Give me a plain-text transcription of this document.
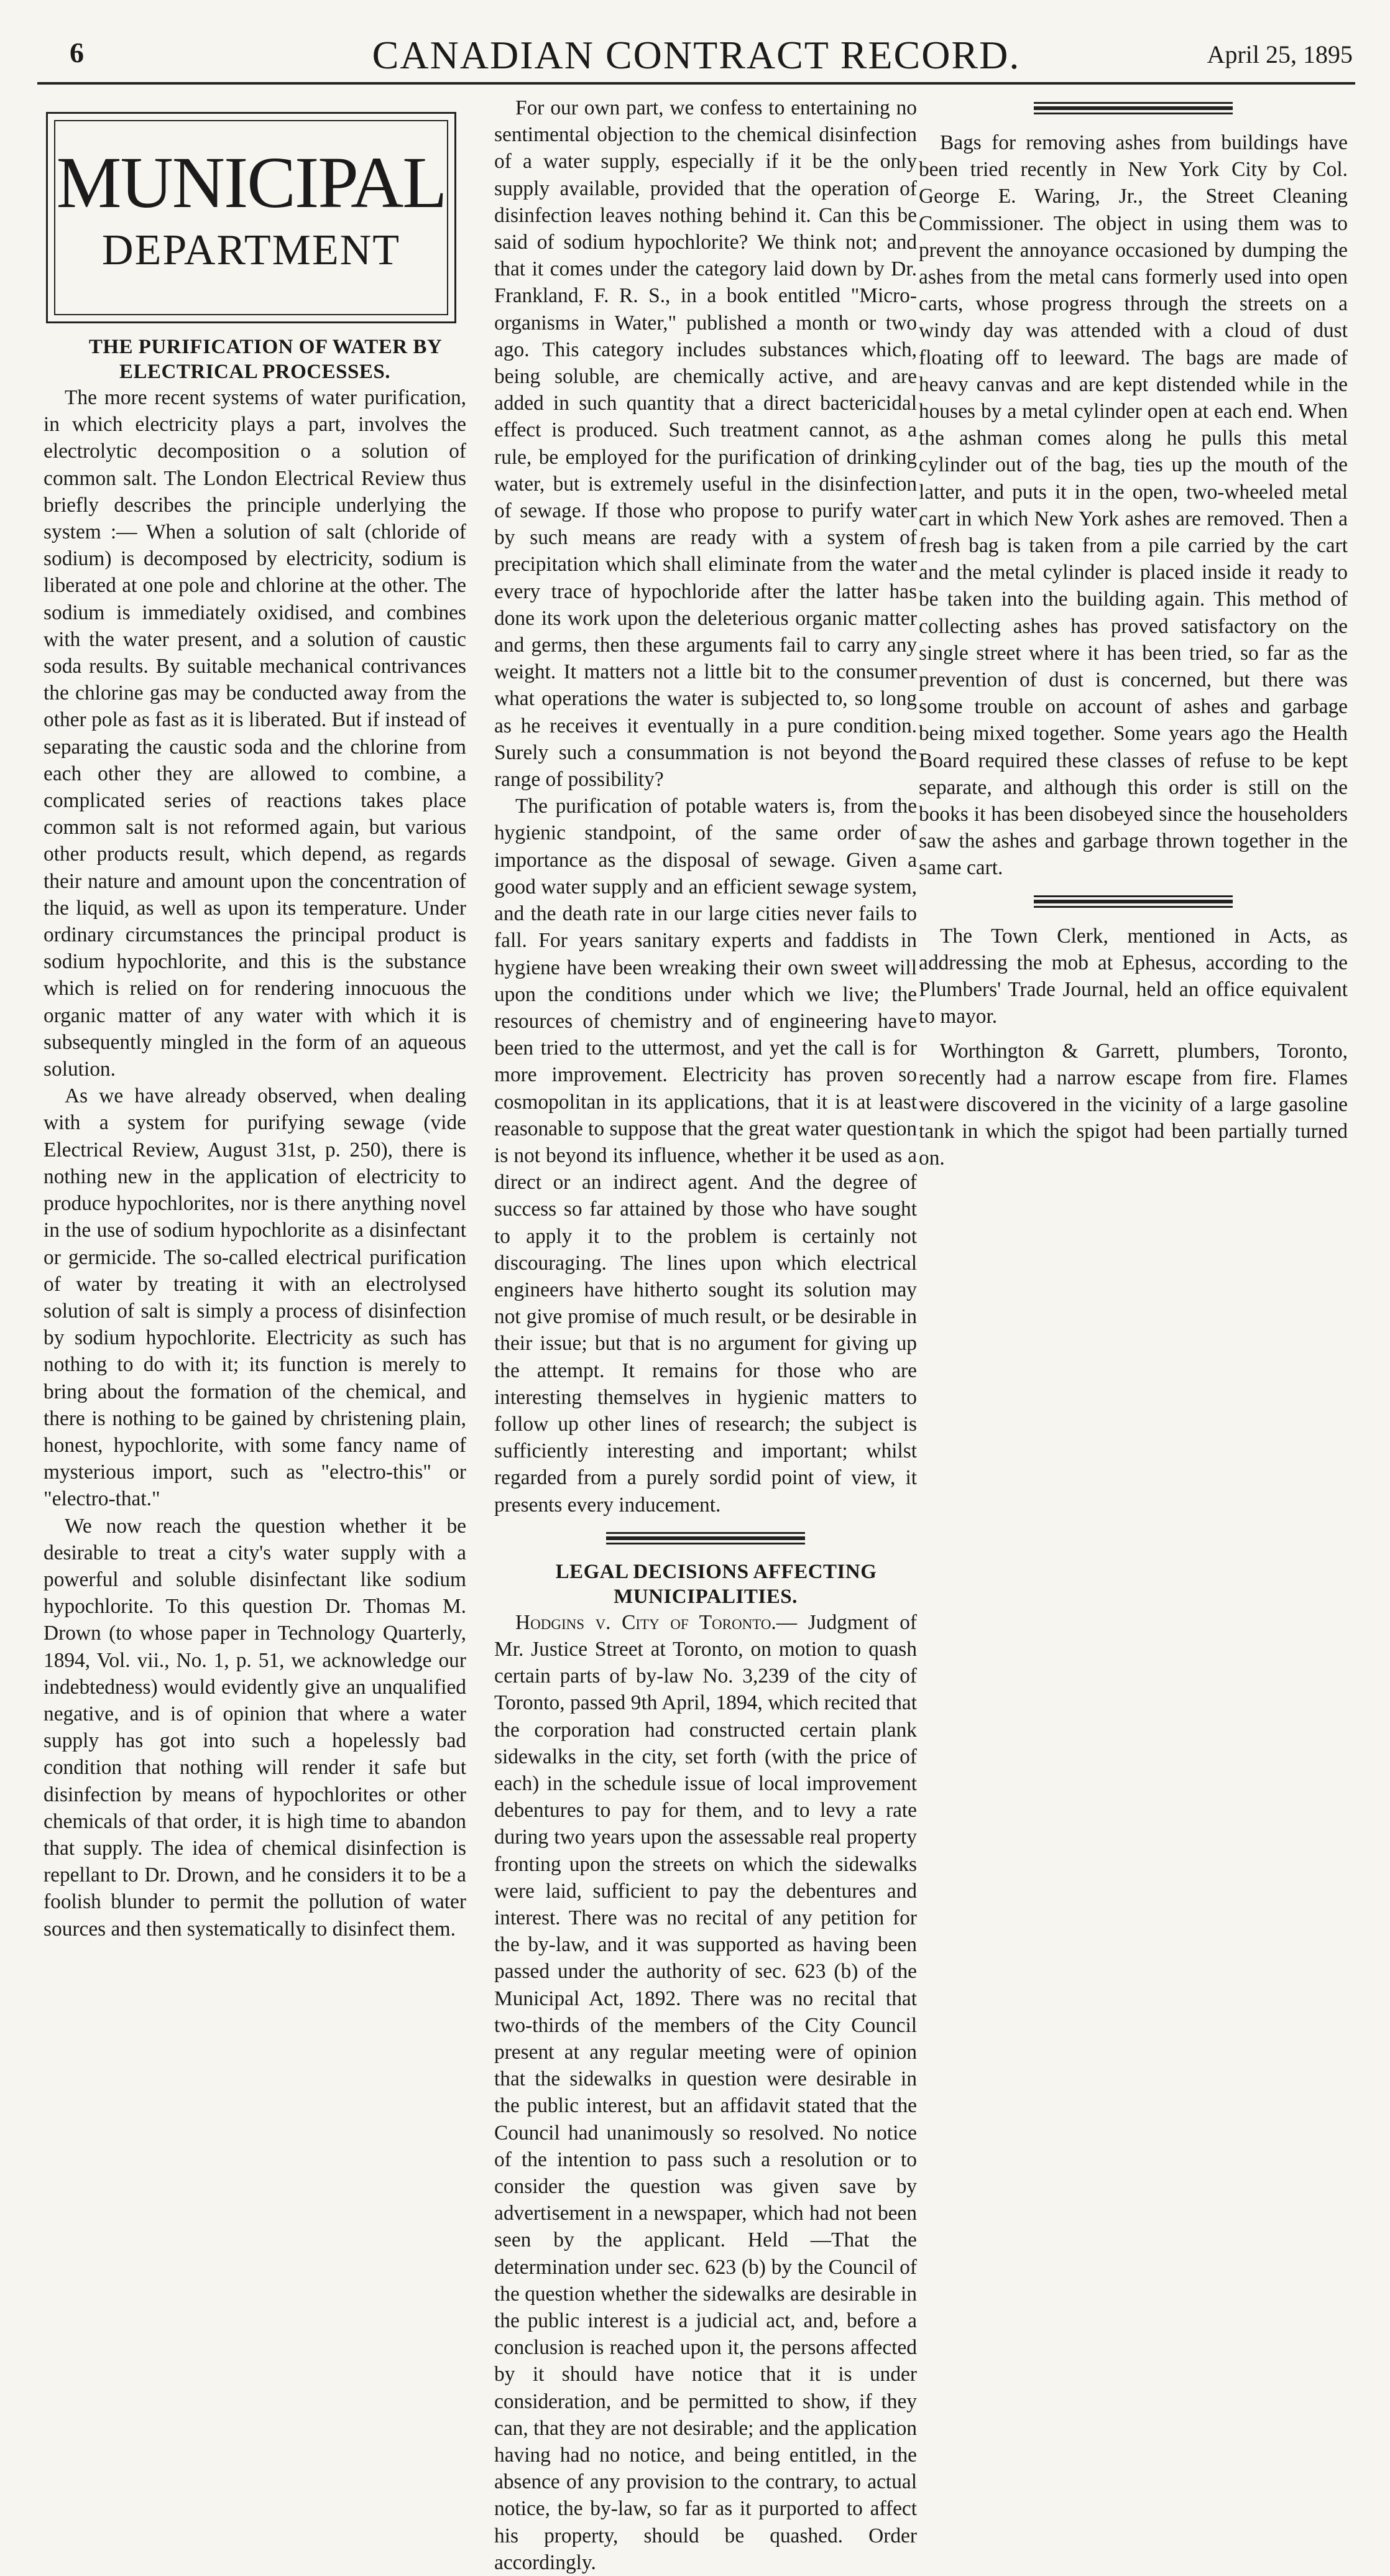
6	CANADIAN CONTRACT RECORD.	April 25, 1895
MUNICIPAL
DEPARTMENT

THE PURIFICATION OF WATER BY ELECTRICAL PROCESSES.

The more recent systems of water purification, in which electricity plays a part, involves the electrolytic decomposition o a solution of common salt. The London Electrical Review thus briefly describes the principle underlying the system :— When a solution of salt (chloride of sodium) is decomposed by electricity, sodium is liberated at one pole and chlorine at the other. The sodium is immediately oxidised, and combines with the water present, and a solution of caustic soda results. By suitable mechanical contrivances the chlorine gas may be conducted away from the other pole as fast as it is liberated. But if instead of separating the caustic soda and the chlorine from each other they are allowed to combine, a complicated series of reactions takes place common salt is not reformed again, but various other products result, which depend, as regards their nature and amount upon the concentration of the liquid, as well as upon its temperature. Under ordinary circumstances the principal product is sodium hypochlorite, and this is the substance which is relied on for rendering innocuous the organic matter of any water with which it is subsequently mingled in the form of an aqueous solution.

As we have already observed, when dealing with a system for purifying sewage (vide Electrical Review, August 31st, p. 250), there is nothing new in the application of electricity to produce hypochlorites, nor is there anything novel in the use of sodium hypochlorite as a disinfectant or germicide. The so-called electrical purification of water by treating it with an electrolysed solution of salt is simply a process of disinfection by sodium hypochlorite. Electricity as such has nothing to do with it; its function is merely to bring about the formation of the chemical, and there is nothing to be gained by christening plain, honest, hypochlorite, with some fancy name of mysterious import, such as "electro-this" or "electro-that."

We now reach the question whether it be desirable to treat a city's water supply with a powerful and soluble disinfectant like sodium hypochlorite. To this question Dr. Thomas M. Drown (to whose paper in Technology Quarterly, 1894, Vol. vii., No. 1, p. 51, we acknowledge our indebtedness) would evidently give an unqualified negative, and is of opinion that where a water supply has got into such a hopelessly bad condition that nothing will render it safe but disinfection by means of hypochlorites or other chemicals of that order, it is high time to abandon that supply. The idea of chemical disinfection is repellant to Dr. Drown, and he considers it to be a foolish blunder to permit the pollution of water sources and then systematically to disinfect them.

For our own part, we confess to entertaining no sentimental objection to the chemical disinfection of a water supply, especially if it be the only supply available, provided that the operation of disinfection leaves nothing behind it. Can this be said of sodium hypochlorite? We think not; and that it comes under the category laid down by Dr. Frankland, F. R. S., in a book entitled "Micro-organisms in Water," published a month or two ago. This category includes substances which, being soluble, are chemically active, and are added in such quantity that a direct bactericidal effect is produced. Such treatment cannot, as a rule, be employed for the purification of drinking water, but is extremely useful in the disinfection of sewage. If those who propose to purify water by such means are ready with a system of precipitation which shall eliminate from the water every trace of hypochloride after the latter has done its work upon the deleterious organic matter and germs, then these arguments fail to carry any weight. It matters not a little bit to the consumer what operations the water is subjected to, so long as he receives it eventually in a pure condition. Surely such a consummation is not beyond the range of possibility?

The purification of potable waters is, from the hygienic standpoint, of the same order of importance as the disposal of sewage. Given a good water supply and an efficient sewage system, and the death rate in our large cities never fails to fall. For years sanitary experts and faddists in hygiene have been wreaking their own sweet will upon the conditions under which we live; the resources of chemistry and of engineering have been tried to the uttermost, and yet the call is for more improvement. Electricity has proven so cosmopolitan in its applications, that it is at least reasonable to suppose that the great water question is not beyond its influence, whether it be used as a direct or an indirect agent. And the degree of success so far attained by those who have sought to apply it to the problem is certainly not discouraging. The lines upon which electrical engineers have hitherto sought its solution may not give promise of much result, or be desirable in their issue; but that is no argument for giving up the attempt. It remains for those who are interesting themselves in hygienic matters to follow up other lines of research; the subject is sufficiently interesting and important; whilst regarded from a purely sordid point of view, it presents every inducement.

LEGAL DECISIONS AFFECTING MUNICIPALITIES.

Hodgins v. City of Toronto.— Judgment of Mr. Justice Street at Toronto, on motion to quash certain parts of by-law No. 3,239 of the city of Toronto, passed 9th April, 1894, which recited that the corporation had constructed certain plank sidewalks in the city, set forth (with the price of each) in the schedule issue of local improvement debentures to pay for them, and to levy a rate during two years upon the assessable real property fronting upon the streets on which the sidewalks were laid, sufficient to pay the debentures and interest. There was no recital of any petition for the by-law, and it was supported as having been passed under the authority of sec. 623 (b) of the Municipal Act, 1892. There was no recital that two-thirds of the members of the City Council present at any regular meeting were of opinion that the sidewalks in question were desirable in the public interest, but an affidavit stated that the Council had unanimously so resolved. No notice of the intention to pass such a resolution or to consider the question was given save by advertisement in a newspaper, which had not been seen by the applicant. Held —That the determination under sec. 623 (b) by the Council of the question whether the sidewalks are desirable in the public interest is a judicial act, and, before a conclusion is reached upon it, the persons affected by it should have notice that it is under consideration, and be permitted to show, if they can, that they are not desirable; and the application having had no notice, and being entitled, in the absence of any provision to the contrary, to actual notice, the by-law, so far as it purported to affect his property, should be quashed. Order accordingly.

Bags for removing ashes from buildings have been tried recently in New York City by Col. George E. Waring, Jr., the Street Cleaning Commissioner. The object in using them was to prevent the annoyance occasioned by dumping the ashes from the metal cans formerly used into open carts, whose progress through the streets on a windy day was attended with a cloud of dust floating off to leeward. The bags are made of heavy canvas and are kept distended while in the houses by a metal cylinder open at each end. When the ashman comes along he pulls this metal cylinder out of the bag, ties up the mouth of the latter, and puts it in the open, two-wheeled metal cart in which New York ashes are removed. Then a fresh bag is taken from a pile carried by the cart and the metal cylinder is placed inside it ready to be taken into the building again. This method of collecting ashes has proved satisfactory on the single street where it has been tried, so far as the prevention of dust is concerned, but there was some trouble on account of ashes and garbage being mixed together. Some years ago the Health Board required these classes of refuse to be kept separate, and although this order is still on the books it has been disobeyed since the householders saw the ashes and garbage thrown together in the same cart.

The Town Clerk, mentioned in Acts, as addressing the mob at Ephesus, according to the Plumbers' Trade Journal, held an office equivalent to mayor.

Worthington & Garrett, plumbers, Toronto, recently had a narrow escape from fire. Flames were discovered in the vicinity of a large gasoline tank in which the spigot had been partially turned on.
